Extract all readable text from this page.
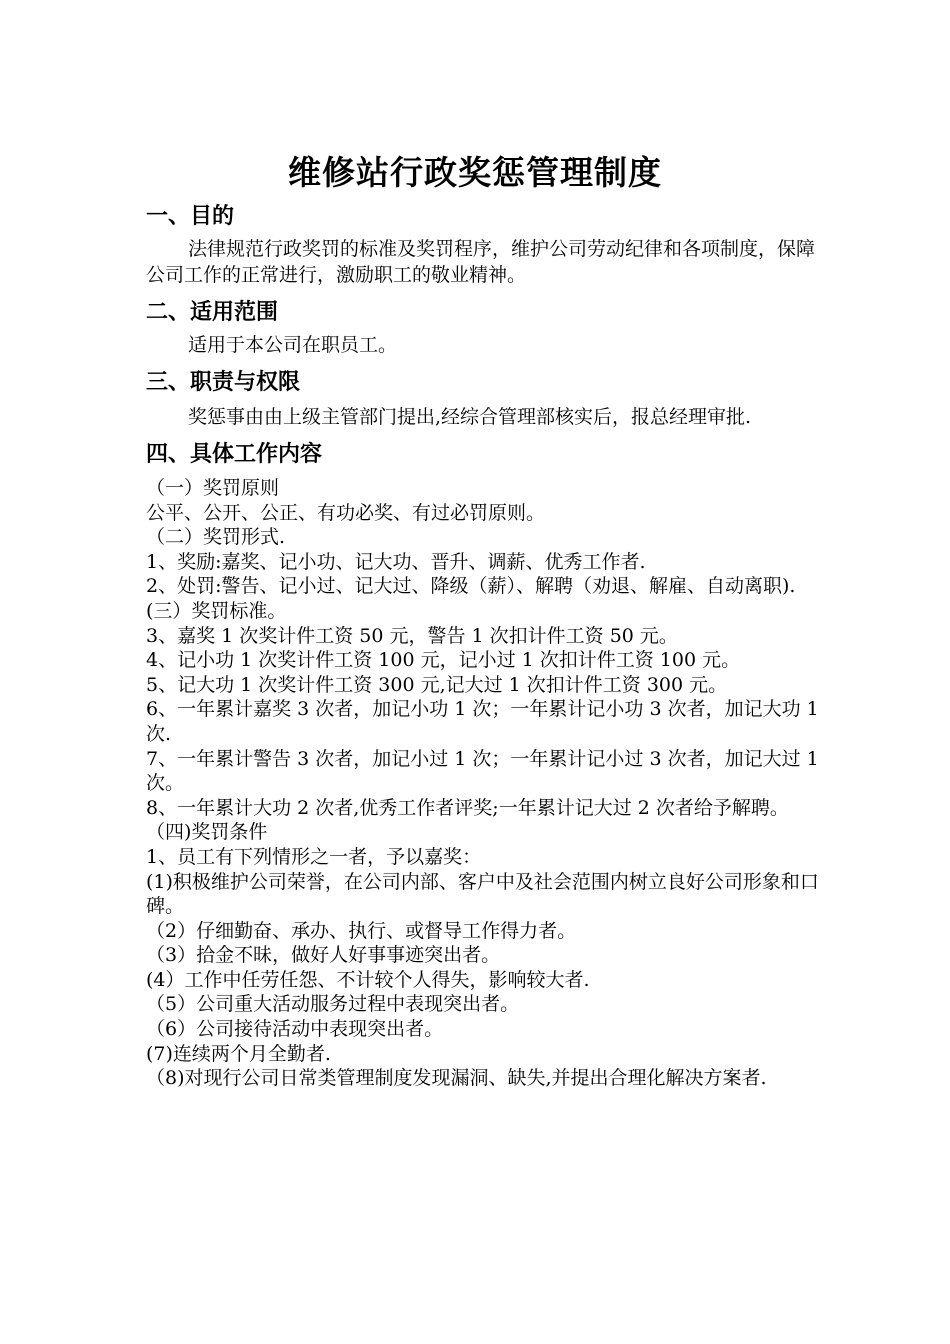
维修站行政奖惩管理制度
一、目的

法律规范行政奖罚的标准及奖罚程序，维护公司劳动纪律和各项制度，保障公司工作的正常进行，激励职工的敬业精神。

二、适用范围

适用于本公司在职员工。

三、职责与权限

奖惩事由由上级主管部门提出,经综合管理部核实后，报总经理审批.

四、具体工作内容

（一）奖罚原则

公平、公开、公正、有功必奖、有过必罚原则。

（二）奖罚形式.

1、奖励:嘉奖、记小功、记大功、晋升、调薪、优秀工作者.

2、处罚:警告、记小过、记大过、降级（薪）、解聘（劝退、解雇、自动离职).

(三）奖罚标准。

3、嘉奖 1 次奖计件工资 50 元，警告 1 次扣计件工资 50 元。

4、记小功 1 次奖计件工资 100 元，记小过 1 次扣计件工资 100 元。

5、记大功 1 次奖计件工资 300 元,记大过 1 次扣计件工资 300 元。

6、一年累计嘉奖 3 次者，加记小功 1 次；一年累计记小功 3 次者，加记大功 1 次.

7、一年累计警告 3 次者，加记小过 1 次；一年累计记小过 3 次者，加记大过 1 次。

8、一年累计大功 2 次者,优秀工作者评奖;一年累计记大过 2 次者给予解聘。

（四)奖罚条件

1、员工有下列情形之一者，予以嘉奖：

(1)积极维护公司荣誉，在公司内部、客户中及社会范围内树立良好公司形象和口碑。

（2）仔细勤奋、承办、执行、或督导工作得力者。

（3）拾金不昧，做好人好事事迹突出者。

(4）工作中任劳任怨、不计较个人得失，影响较大者.

（5）公司重大活动服务过程中表现突出者。

（6）公司接待活动中表现突出者。

(7)连续两个月全勤者.

（8)对现行公司日常类管理制度发现漏洞、缺失,并提出合理化解决方案者.
